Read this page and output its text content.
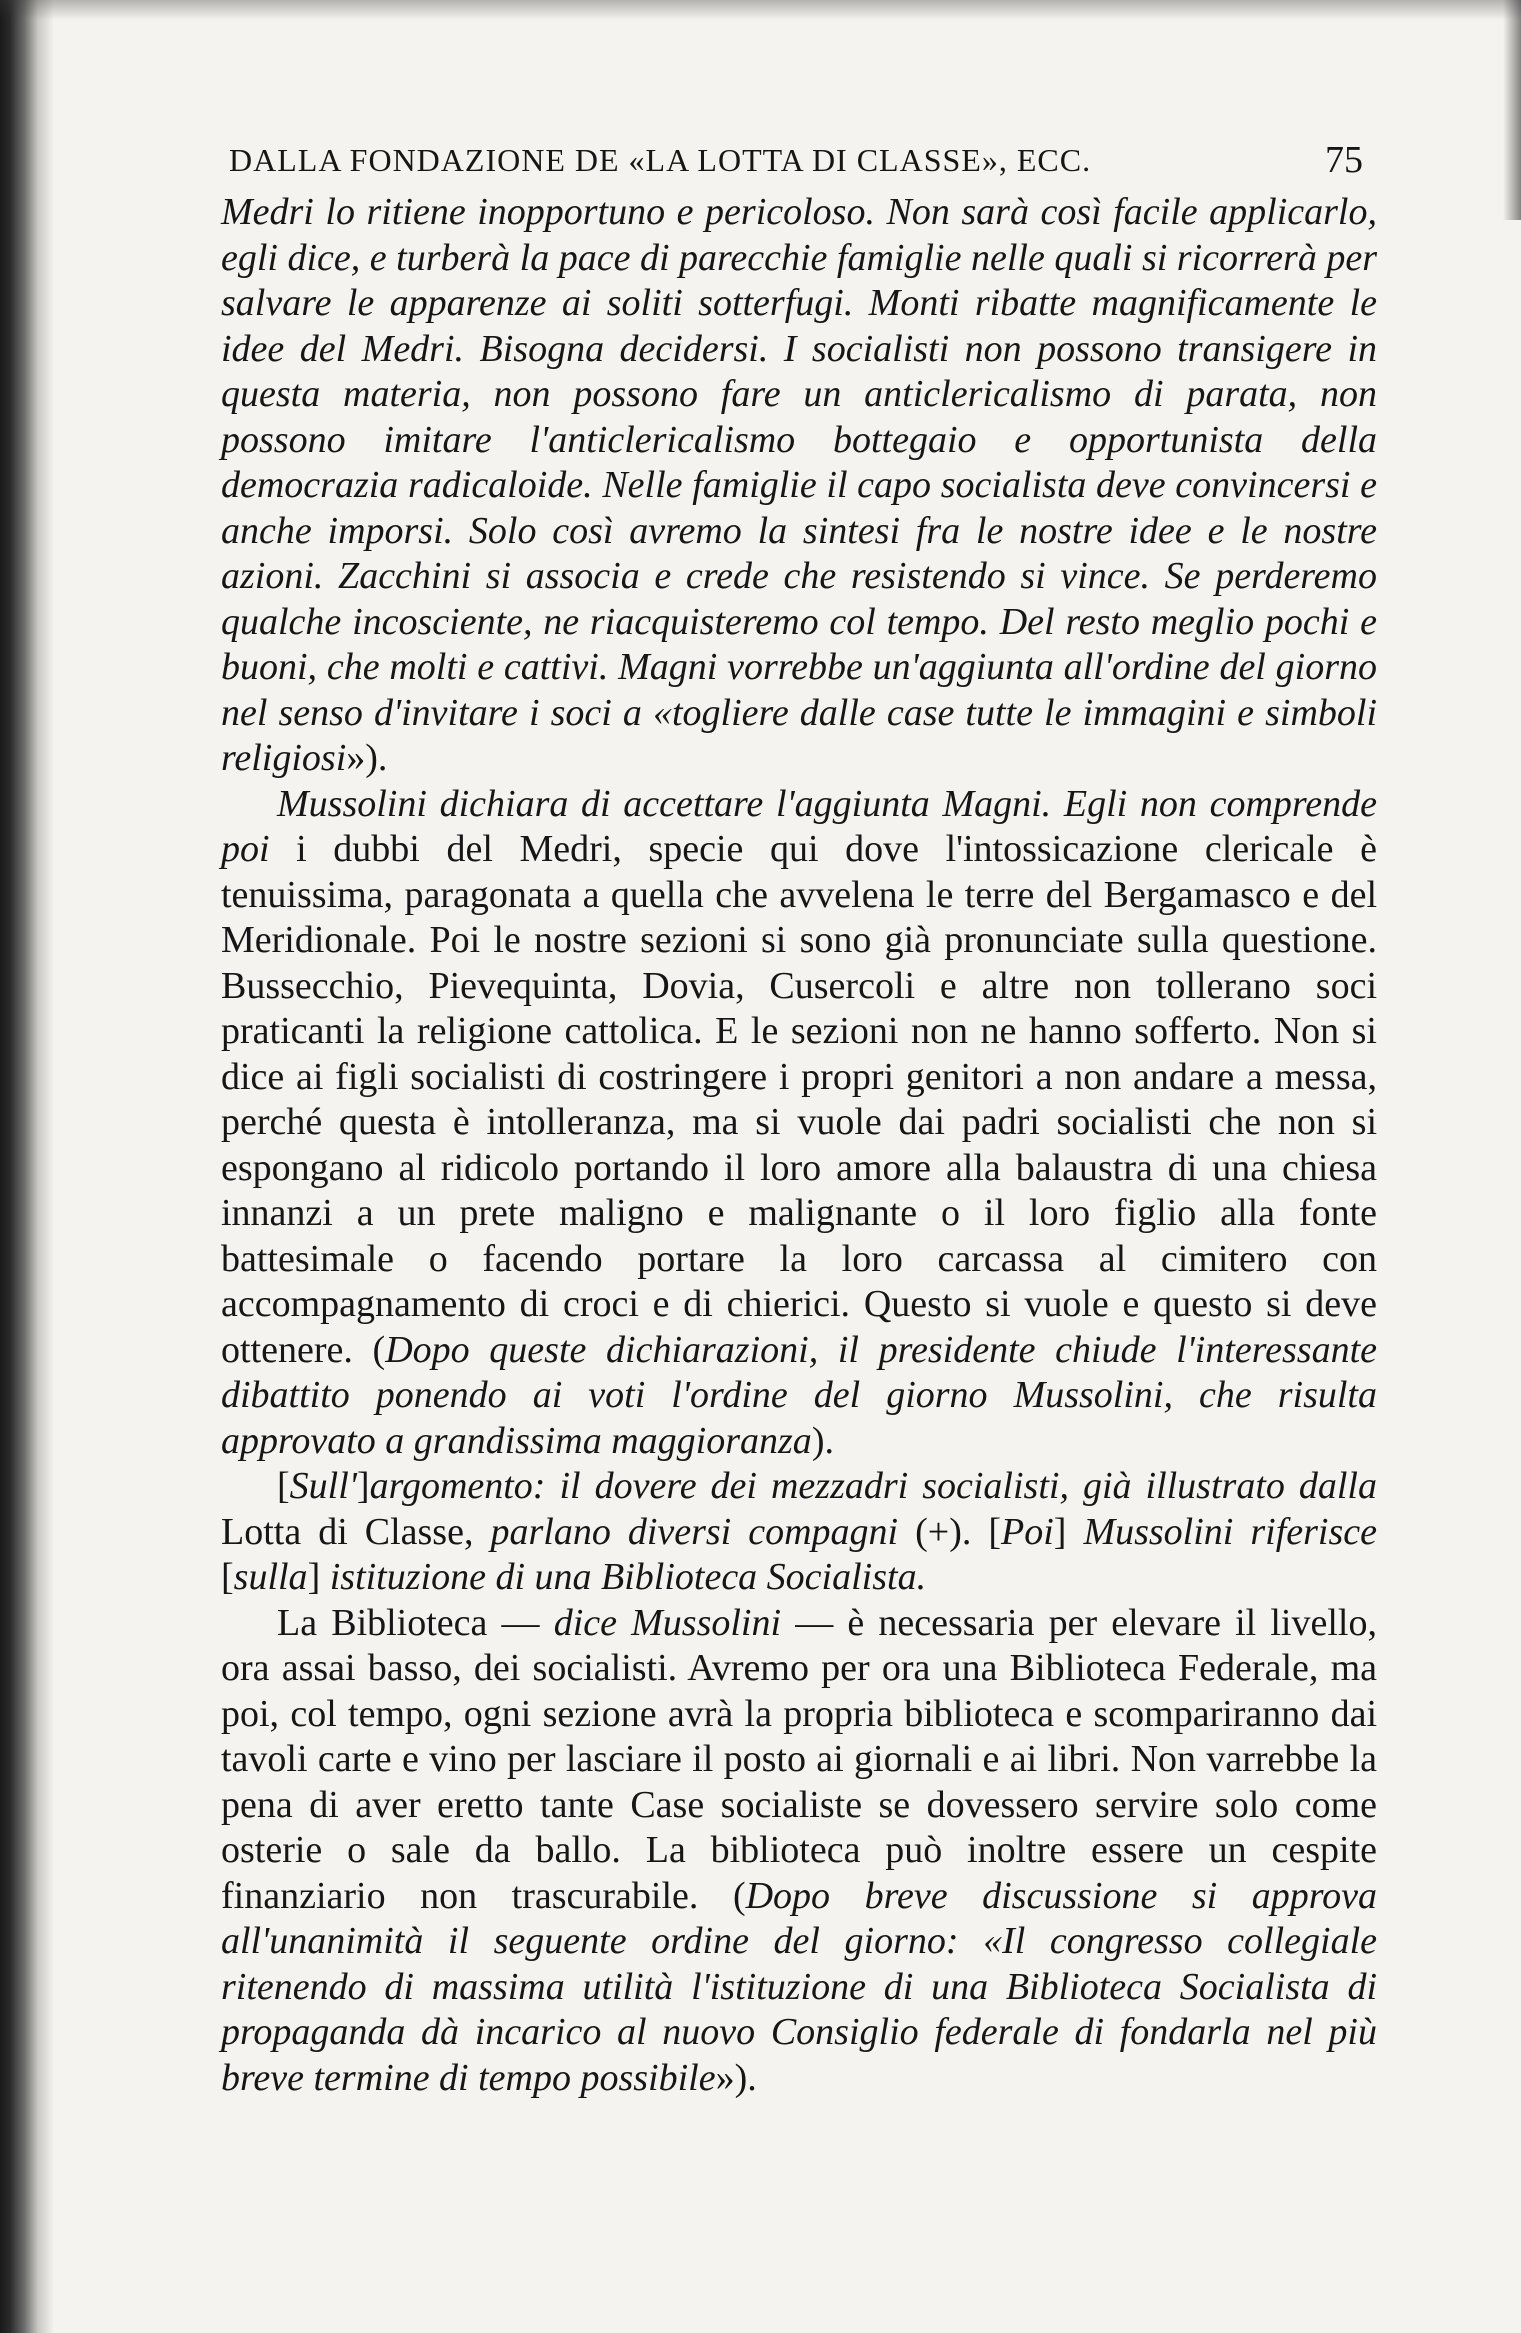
DALLA FONDAZIONE DE «LA LOTTA DI CLASSE», ECC.	75

Medri lo ritiene inopportuno e pericoloso. Non sarà così facile applicarlo, egli dice, e turberà la pace di parecchie famiglie nelle quali si ricorrerà per salvare le apparenze ai soliti sotterfugi. Monti ribatte magnificamente le idee del Medri. Bisogna decidersi. I socialisti non possono transigere in questa materia, non possono fare un anticlericalismo di parata, non possono imitare l'anticlericalismo bottegaio e opportunista della democrazia radicaloide. Nelle famiglie il capo socialista deve convincersi e anche imporsi. Solo così avremo la sintesi fra le nostre idee e le nostre azioni. Zacchini si associa e crede che resistendo si vince. Se perderemo qualche incosciente, ne riacquisteremo col tempo. Del resto meglio pochi e buoni, che molti e cattivi. Magni vorrebbe un'aggiunta all'ordine del giorno nel senso d'invitare i soci a «togliere dalle case tutte le immagini e simboli religiosi»).

Mussolini dichiara di accettare l'aggiunta Magni. Egli non comprende poi i dubbi del Medri, specie qui dove l'intossicazione clericale è tenuissima, paragonata a quella che avvelena le terre del Bergamasco e del Meridionale. Poi le nostre sezioni si sono già pronunciate sulla questione. Bussecchio, Pievequinta, Dovia, Cusercoli e altre non tollerano soci praticanti la religione cattolica. E le sezioni non ne hanno sofferto. Non si dice ai figli socialisti di costringere i propri genitori a non andare a messa, perché questa è intolleranza, ma si vuole dai padri socialisti che non si espongano al ridicolo portando il loro amore alla balaustra di una chiesa innanzi a un prete maligno e malignante o il loro figlio alla fonte battesimale o facendo portare la loro carcassa al cimitero con accompagnamento di croci e di chierici. Questo si vuole e questo si deve ottenere. (Dopo queste dichiarazioni, il presidente chiude l'interessante dibattito ponendo ai voti l'ordine del giorno Mussolini, che risulta approvato a grandissima maggioranza).

[Sull']argomento: il dovere dei mezzadri socialisti, già illustrato dalla Lotta di Classe, parlano diversi compagni (+). [Poi] Mussolini riferisce [sulla] istituzione di una Biblioteca Socialista.

La Biblioteca — dice Mussolini — è necessaria per elevare il livello, ora assai basso, dei socialisti. Avremo per ora una Biblioteca Federale, ma poi, col tempo, ogni sezione avrà la propria biblioteca e scompariranno dai tavoli carte e vino per lasciare il posto ai giornali e ai libri. Non varrebbe la pena di aver eretto tante Case socialiste se dovessero servire solo come osterie o sale da ballo. La biblioteca può inoltre essere un cespite finanziario non trascurabile. (Dopo breve discussione si approva all'unanimità il seguente ordine del giorno: «Il congresso collegiale ritenendo di massima utilità l'istituzione di una Biblioteca Socialista di propaganda dà incarico al nuovo Consiglio federale di fondarla nel più breve termine di tempo possibile»).
